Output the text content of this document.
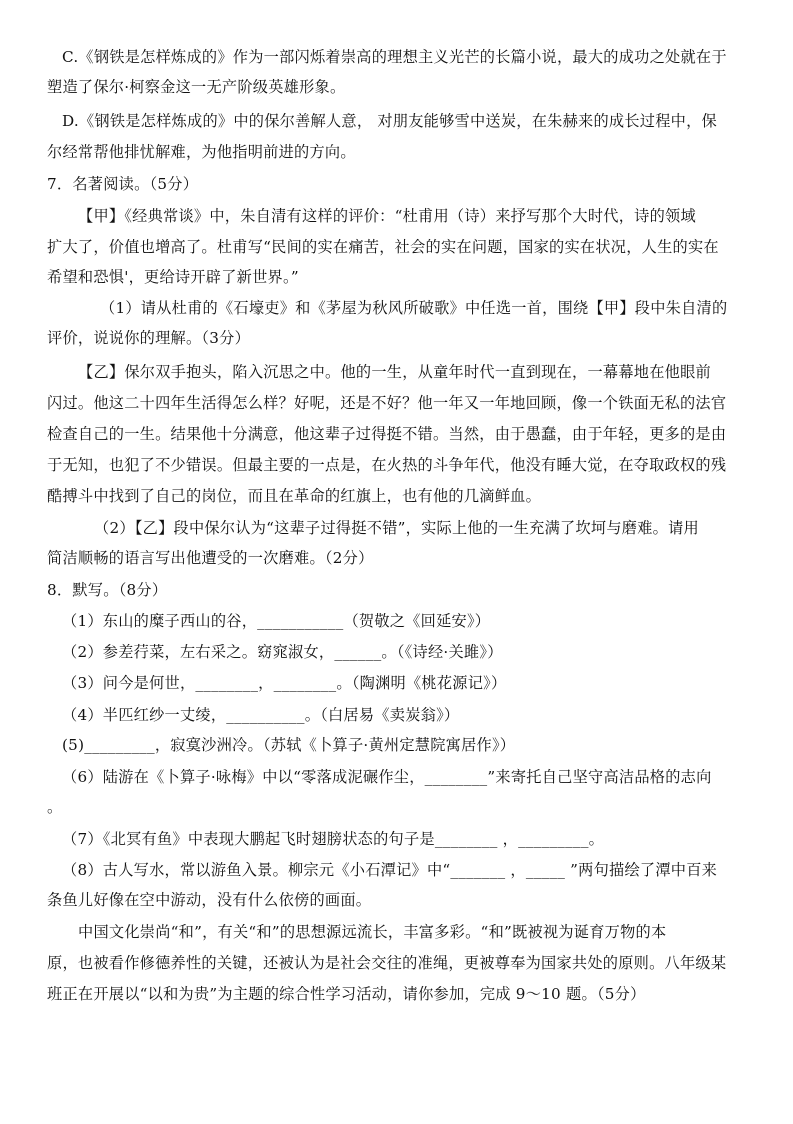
C.《钢铁是怎样炼成的》作为一部闪烁着崇高的理想主义光芒的长篇小说，最大的成功之处就在于
塑造了保尔·柯察金这一无产阶级英雄形象。
D.《钢铁是怎样炼成的》中的保尔善解人意， 对朋友能够雪中送炭，在朱赫来的成长过程中，保
尔经常帮他排忧解难，为他指明前进的方向。
7．名著阅读。（5分）
【甲】《经典常谈》中，朱自清有这样的评价：“杜甫用（诗）来抒写那个大时代，诗的领域
扩大了，价值也增高了。杜甫写“民间的实在痛苦，社会的实在问题，国家的实在状况，人生的实在
希望和恐惧'，更给诗开辟了新世界。”
（1）请从杜甫的《石壕吏》和《茅屋为秋风所破歌》中任选一首，围绕【甲】段中朱自清的
评价，说说你的理解。（3分）
【乙】保尔双手抱头，陷入沉思之中。他的一生，从童年时代一直到现在，一幕幕地在他眼前
闪过。他这二十四年生活得怎么样？好呢，还是不好？他一年又一年地回顾，像一个铁面无私的法官
检查自己的一生。结果他十分满意，他这辈子过得挺不错。当然，由于愚蠢，由于年轻，更多的是由
于无知，也犯了不少错误。但最主要的一点是，在火热的斗争年代，他没有睡大觉，在夺取政权的残
酷搏斗中找到了自己的岗位，而且在革命的红旗上，也有他的几滴鲜血。
（2）【乙】段中保尔认为“这辈子过得挺不错”，实际上他的一生充满了坎坷与磨难。请用
简洁顺畅的语言写出他遭受的一次磨难。（2分）
8．默写。（8分）
（1）东山的糜子西山的谷，___________（贺敬之《回延安》）
（2）参差荇菜，左右采之。窈窕淑女，______。（《诗经·关雎》）
（3）问今是何世，________，________。（陶渊明《桃花源记》）
（4）半匹红纱一丈绫，__________。（白居易《卖炭翁》）
(5)_________，寂寞沙洲冷。（苏轼《卜算子·黄州定慧院寓居作》）
（6）陆游在《卜算子·咏梅》中以“零落成泥碾作尘，________”来寄托自己坚守高洁品格的志向
。
（7）《北冥有鱼》中表现大鹏起飞时翅膀状态的句子是________ ，_________。
（8）古人写水，常以游鱼入景。柳宗元《小石潭记》中“_______ ，_____ ”两句描绘了潭中百来
条鱼儿好像在空中游动，没有什么依傍的画面。
中国文化崇尚“和”，有关“和”的思想源远流长，丰富多彩。“和”既被视为诞育万物的本
原，也被看作修德养性的关键，还被认为是社会交往的准绳，更被尊奉为国家共处的原则。八年级某
班正在开展以“以和为贵”为主题的综合性学习活动，请你参加，完成 9～10 题。（5分）
